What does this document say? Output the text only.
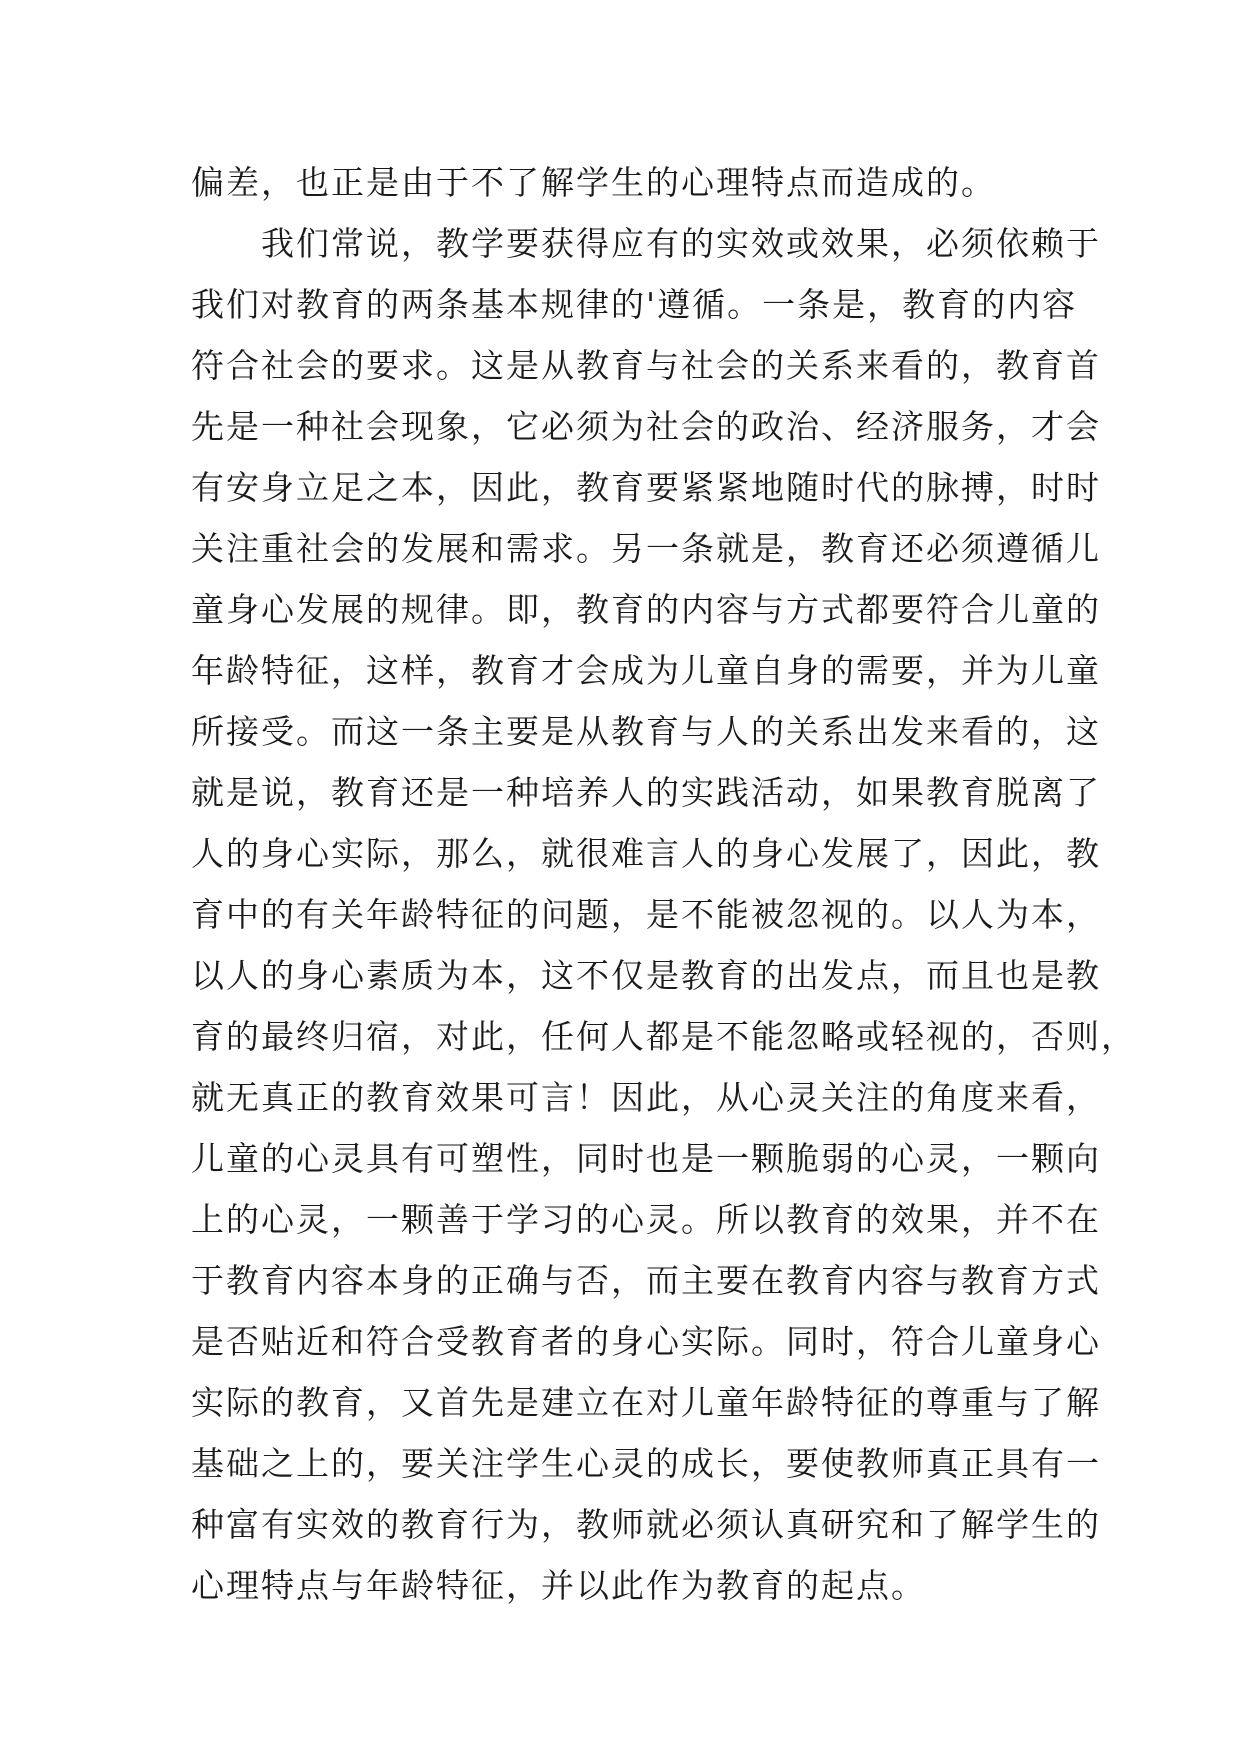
偏差，也正是由于不了解学生的心理特点而造成的。
　　我们常说，教学要获得应有的实效或效果，必须依赖于
我们对教育的两条基本规律的'遵循。一条是，教育的内容
符合社会的要求。这是从教育与社会的关系来看的，教育首
先是一种社会现象，它必须为社会的政治、经济服务，才会
有安身立足之本，因此，教育要紧紧地随时代的脉搏，时时
关注重社会的发展和需求。另一条就是，教育还必须遵循儿
童身心发展的规律。即，教育的内容与方式都要符合儿童的
年龄特征，这样，教育才会成为儿童自身的需要，并为儿童
所接受。而这一条主要是从教育与人的关系出发来看的，这
就是说，教育还是一种培养人的实践活动，如果教育脱离了
人的身心实际，那么，就很难言人的身心发展了，因此，教
育中的有关年龄特征的问题，是不能被忽视的。以人为本，
以人的身心素质为本，这不仅是教育的出发点，而且也是教
育的最终归宿，对此，任何人都是不能忽略或轻视的，否则，
就无真正的教育效果可言！因此，从心灵关注的角度来看，
儿童的心灵具有可塑性，同时也是一颗脆弱的心灵，一颗向
上的心灵，一颗善于学习的心灵。所以教育的效果，并不在
于教育内容本身的正确与否，而主要在教育内容与教育方式
是否贴近和符合受教育者的身心实际。同时，符合儿童身心
实际的教育，又首先是建立在对儿童年龄特征的尊重与了解
基础之上的，要关注学生心灵的成长，要使教师真正具有一
种富有实效的教育行为，教师就必须认真研究和了解学生的
心理特点与年龄特征，并以此作为教育的起点。
